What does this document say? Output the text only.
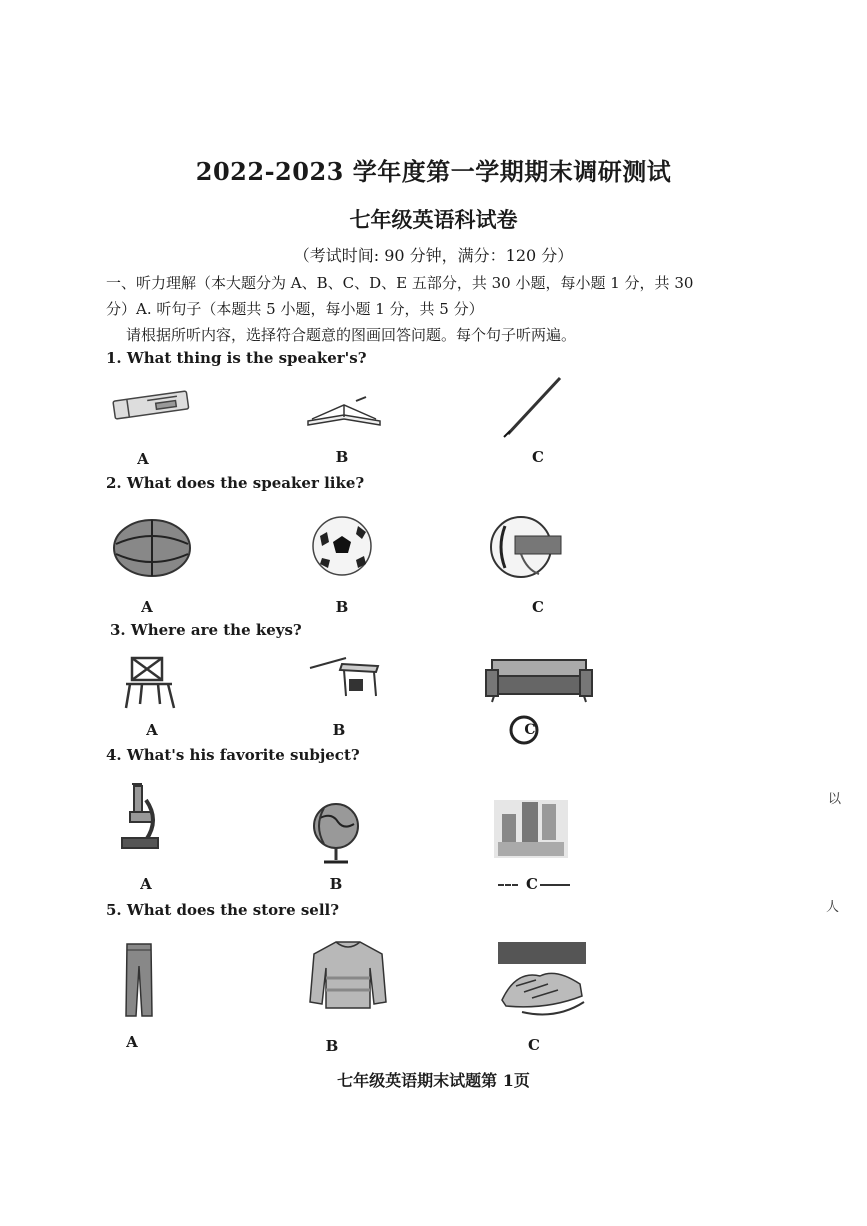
2022-2023 学年度第一学期期末调研测试
七年级英语科试卷
（考试时间: 90 分钟，满分：120 分）
一、听力理解（本大题分为 A、B、C、D、E 五部分，共 30 小题，每小题 1 分，共 30
分）A. 听句子（本题共 5 小题，每小题 1 分，共 5 分）
请根据所听内容，选择符合题意的图画回答问题。每个句子听两遍。
1. What thing is the speaker's?
A	B	C
2. What does the speaker like?
A	B	C
3. Where are the keys?
C
A	B
4. What's his favorite subject?
A	B	C
5. What does the store sell?
A	B	C
七年级英语期末试题第 1页
以
人
